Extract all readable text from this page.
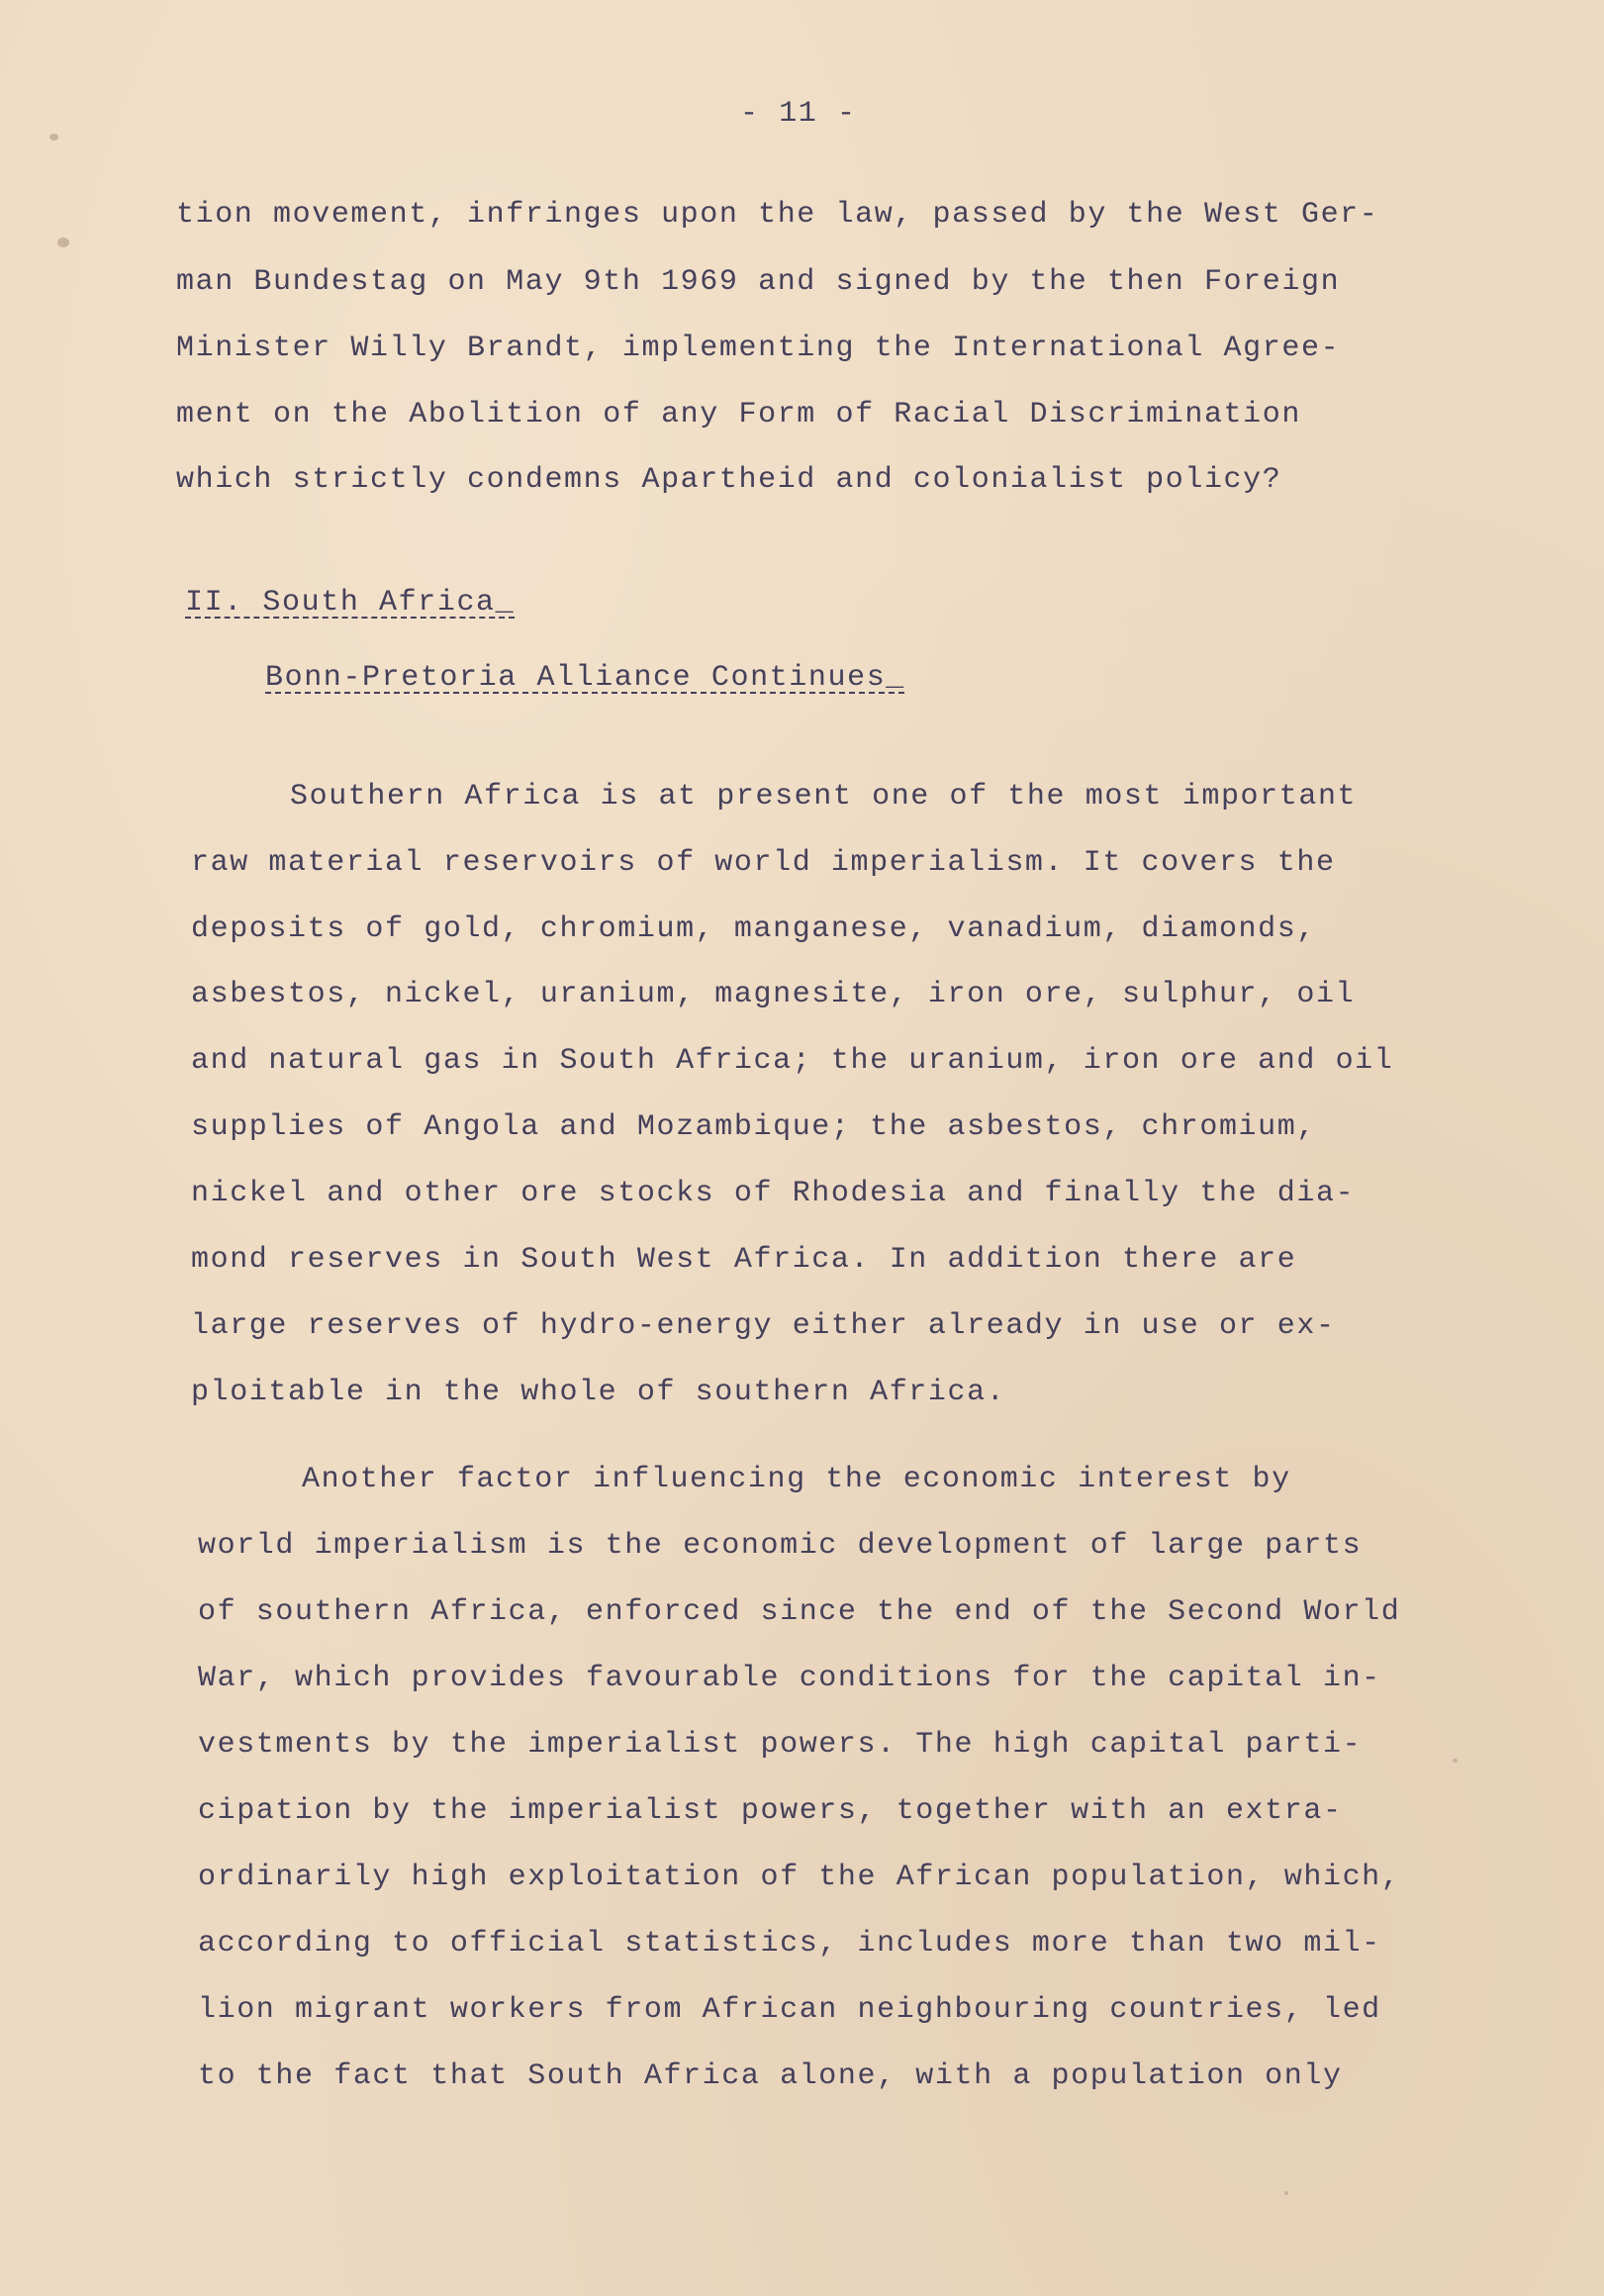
- 11 -
tion movement, infringes upon the law, passed by the West Ger-
man Bundestag on May 9th 1969 and signed by the then Foreign
Minister Willy Brandt, implementing the International Agree-
ment on the Abolition of any Form of Racial Discrimination
which strictly condemns Apartheid and colonialist policy?
II. South Africa_
Bonn-Pretoria Alliance Continues_
Southern Africa is at present one of the most important
raw material reservoirs of world imperialism. It covers the
deposits of gold, chromium, manganese, vanadium, diamonds,
asbestos, nickel, uranium, magnesite, iron ore, sulphur, oil
and natural gas in South Africa; the uranium, iron ore and oil
supplies of Angola and Mozambique; the asbestos, chromium,
nickel and other ore stocks of Rhodesia and finally the dia-
mond reserves in South West Africa. In addition there are
large reserves of hydro-energy either already in use or ex-
ploitable in the whole of southern Africa.
Another factor influencing the economic interest by
world imperialism is the economic development of large parts
of southern Africa, enforced since the end of the Second World
War, which provides favourable conditions for the capital in-
vestments by the imperialist powers. The high capital parti-
cipation by the imperialist powers, together with an extra-
ordinarily high exploitation of the African population, which,
according to official statistics, includes more than two mil-
lion migrant workers from African neighbouring countries, led
to the fact that South Africa alone, with a population only
